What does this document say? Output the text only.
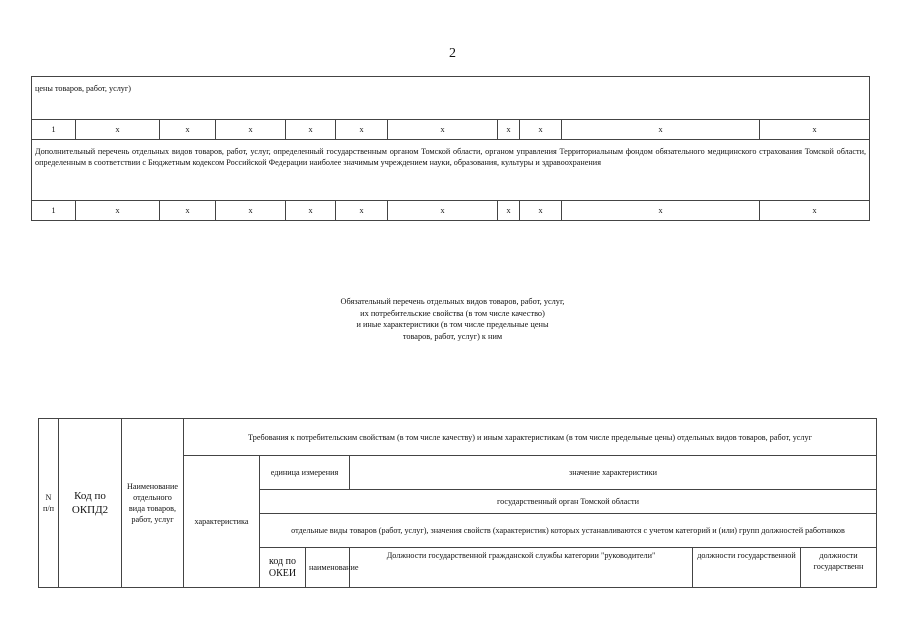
2
цены товаров, работ, услуг)										
1	x	x	x	x	x	x	x	x	x	x
Дополнительный перечень отдельных видов товаров, работ, услуг, определенный государственным органом Томской области, органом управления Территориальным фондом обязательного медицинского страхования Томской области, определенным в соответствии с Бюджетным кодексом Российской Федерации наиболее значимым учреждением науки, образования, культуры и здравоохранения										
1	x	x	x	x	x	x	x	x	x	x
Обязательный перечень отдельных видов товаров, работ, услуг,
их потребительские свойства (в том числе качество)
и иные характеристики (в том числе предельные цены
товаров, работ, услуг) к ним
N п/п	Код по ОКПД2	Наименование отдельного вида товаров, работ, услуг	Требования к потребительским свойствам (в том числе качеству) и иным характеристикам (в том числе предельные цены) отдельных видов товаров, работ, услуг					
			характеристика	единица измерения		значение характеристики		
				государственный орган Томской области				
				отдельные виды товаров (работ, услуг), значения свойств (характеристик) которых устанавливаются с учетом категорий и (или) групп должностей работников				
				код по ОКЕИ	наименование	Должности государственной гражданской службы категории "руководители"	должности государственной	должности государственн
